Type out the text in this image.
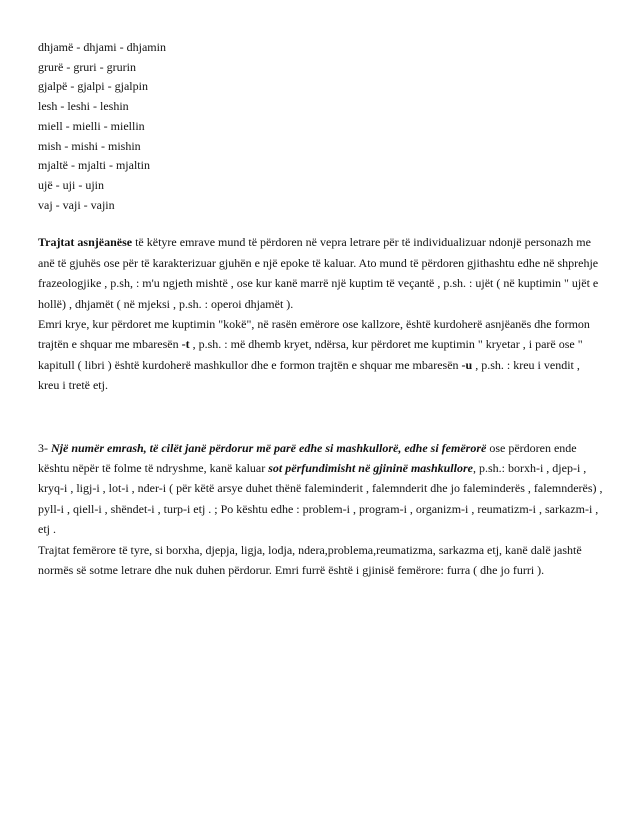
dhjamë - dhjami - dhjamin
grurë - gruri - grurin
gjalpë - gjalpi - gjalpin
lesh - leshi - leshin
miell - mielli - miellin
mish - mishi - mishin
mjaltë - mjalti - mjaltin
ujë - uji - ujin
vaj - vaji - vajin

Trajtat asnjëanëse të këtyre emrave mund të përdoren në vepra letrare për të individualizuar ndonjë personazh me anë të gjuhës ose për të karakterizuar gjuhën e një epoke të kaluar. Ato mund të përdoren gjithashtu edhe në shprehje frazeologjike , p.sh, : m'u ngjeth mishtë , ose kur kanë marrë një kuptim të veçantë , p.sh. : ujët ( në kuptimin " ujët e hollë) , dhjamët ( në mjeksi , p.sh. : operoi dhjamët ).

Emri krye, kur përdoret me kuptimin "kokë", në rasën emërore ose kallzore, është kurdoherë asnjëanës dhe formon trajtën e shquar me mbaresën -t , p.sh. : më dhemb kryet, ndërsa, kur përdoret me kuptimin " kryetar , i parë ose " kapitull ( libri ) është kurdoherë mashkullor dhe e formon trajtën e shquar me mbaresën -u , p.sh. : kreu i vendit , kreu i tretë etj.

3- Një numër emrash, të cilët janë përdorur më parë edhe si mashkullorë, edhe si femërorë ose përdoren ende kështu nëpër të folme të ndryshme, kanë kaluar sot përfundimisht në gjininë mashkullore, p.sh.: borxh-i , djep-i , kryq-i , ligj-i , lot-i , nder-i ( për këtë arsye duhet thënë faleminderit , falemnderit dhe jo faleminderës , falemnderës) , pyll-i , qiell-i , shëndet-i , turp-i etj . ; Po kështu edhe : problem-i , program-i , organizm-i , reumatizm-i , sarkazm-i , etj .

Trajtat femërore të tyre, si borxha, djepja, ligja, lodja, ndera,problema,reumatizma, sarkazma etj, kanë dalë jashtë normës së sotme letrare dhe nuk duhen përdorur. Emri furrë është i gjinisë femërore: furra ( dhe jo furri ).
